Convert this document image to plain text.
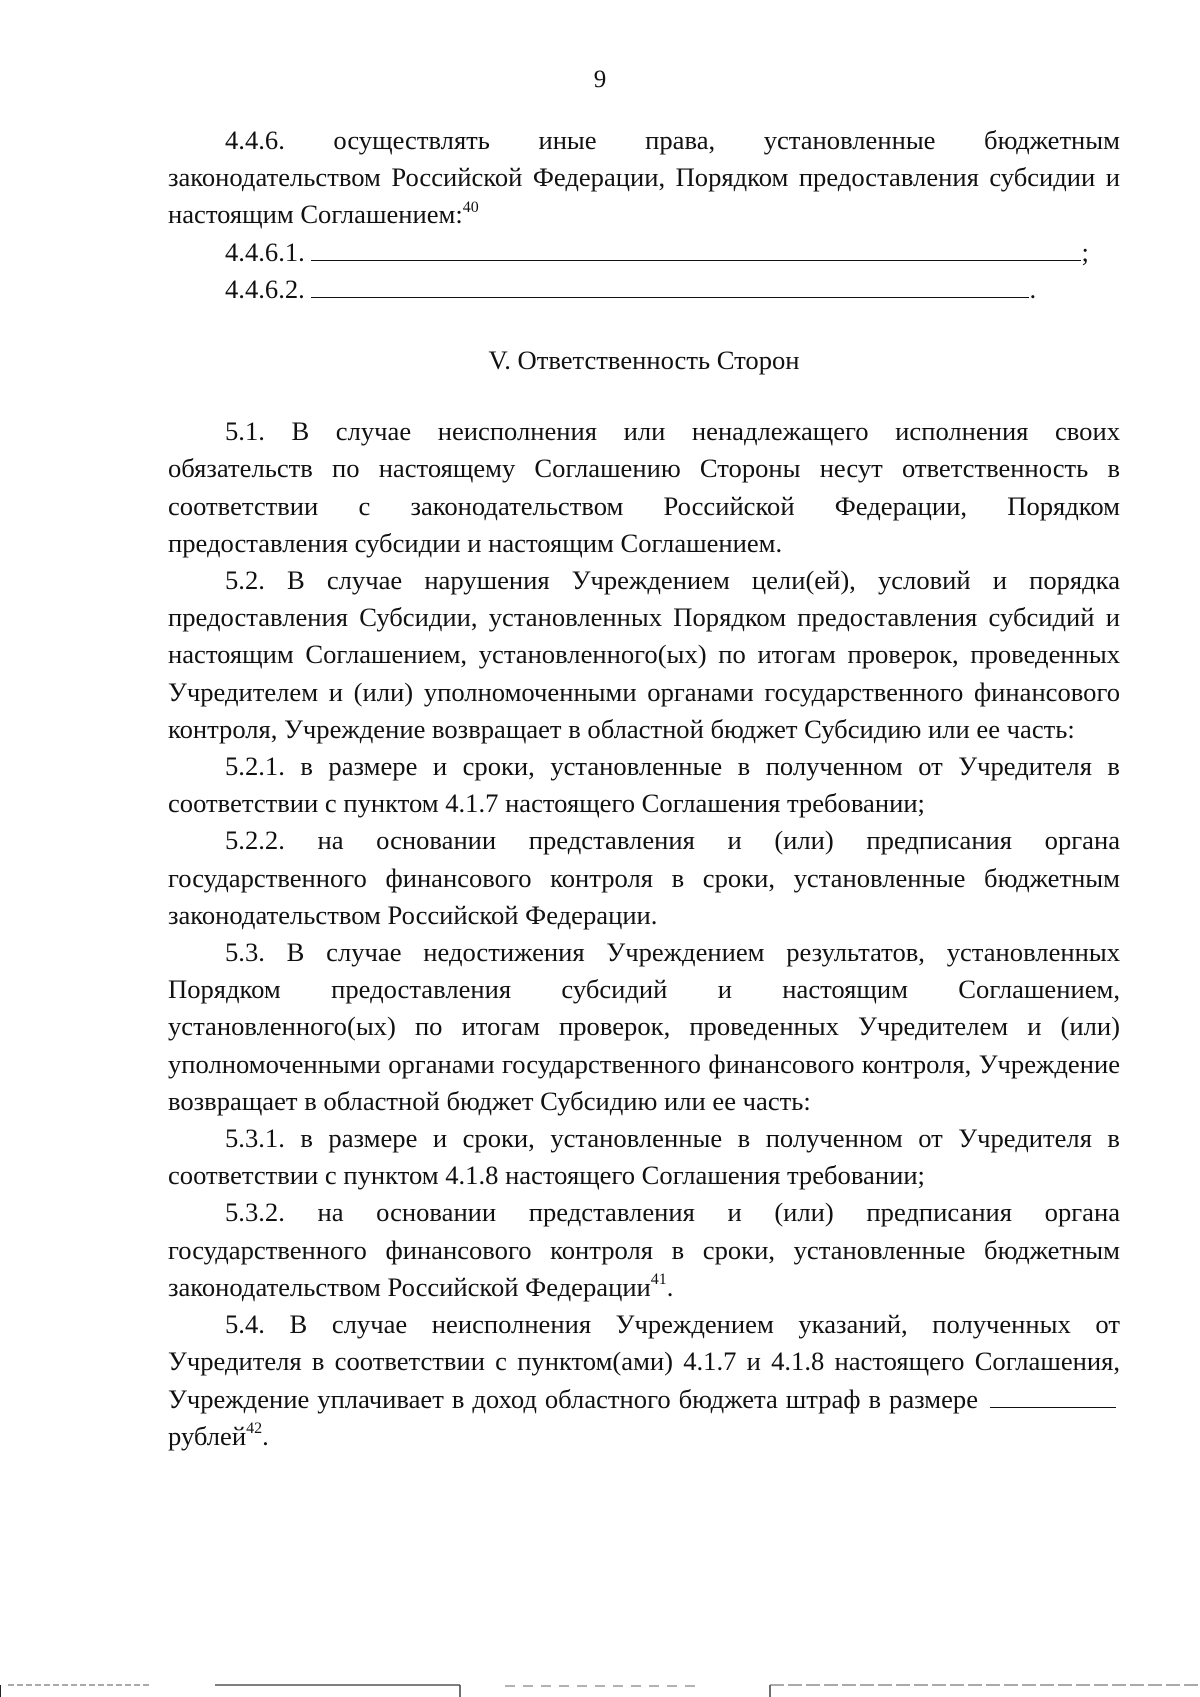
9

4.4.6. осуществлять иные права, установленные бюджетным законодательством Российской Федерации, Порядком предоставления субсидии и настоящим Соглашением:$^{40}$

4.4.6.1.	;

4.4.6.2.	.

V. Ответственность Сторон

5.1. В случае неисполнения или ненадлежащего исполнения своих обязательств по настоящему Соглашению Стороны несут ответственность в соответствии с законодательством Российской Федерации, Порядком предоставления субсидии и настоящим Соглашением.

5.2. В случае нарушения Учреждением цели(ей), условий и порядка предоставления Субсидии, установленных Порядком предоставления субсидий и настоящим Соглашением, установленного(ых) по итогам проверок, проведенных Учредителем и (или) уполномоченными органами государственного финансового контроля, Учреждение возвращает в областной бюджет Субсидию или ее часть:

5.2.1. в размере и сроки, установленные в полученном от Учредителя в соответствии с пунктом 4.1.7 настоящего Соглашения требовании;

5.2.2. на основании представления и (или) предписания органа государственного финансового контроля в сроки, установленные бюджетным законодательством Российской Федерации.

5.3. В случае недостижения Учреждением результатов, установленных Порядком предоставления субсидий и настоящим Соглашением, установленного(ых) по итогам проверок, проведенных Учредителем и (или) уполномоченными органами государственного финансового контроля, Учреждение возвращает в областной бюджет Субсидию или ее часть:

5.3.1. в размере и сроки, установленные в полученном от Учредителя в соответствии с пунктом 4.1.8 настоящего Соглашения требовании;

5.3.2. на основании представления и (или) предписания органа государственного финансового контроля в сроки, установленные бюджетным законодательством Российской Федерации$^{41}$.

5.4. В случае неисполнения Учреждением указаний, полученных от Учредителя в соответствии с пунктом(ами) 4.1.7 и 4.1.8 настоящего Соглашения, Учреждение уплачивает в доход областного бюджета штраф в размере  рублей$^{42}$.
